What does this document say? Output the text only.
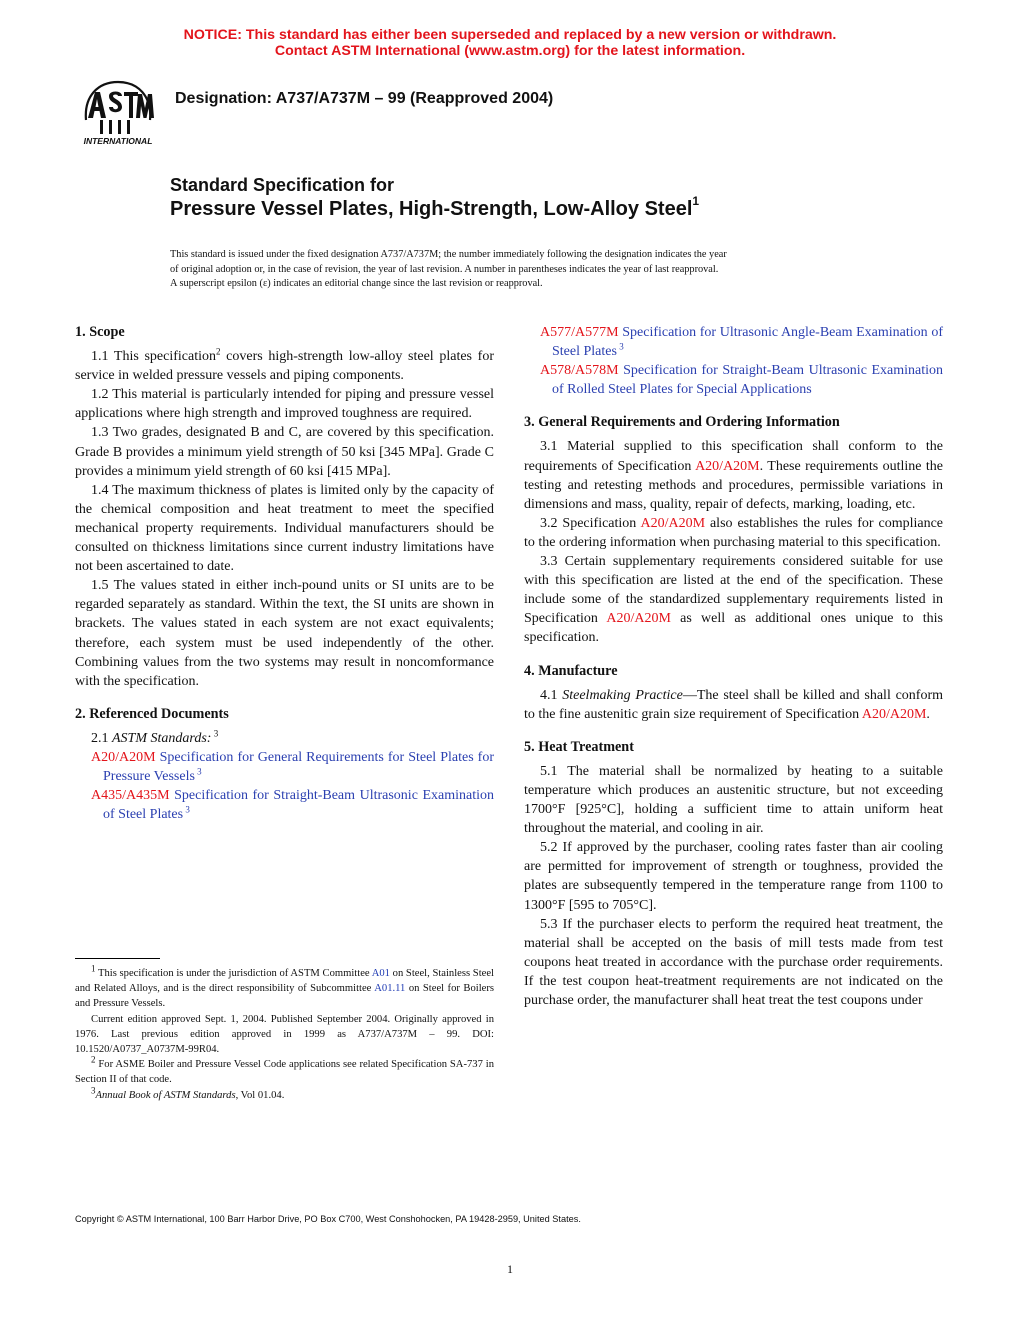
NOTICE: This standard has either been superseded and replaced by a new version or withdrawn.
Contact ASTM International (www.astm.org) for the latest information.
INTERNATIONAL
Designation: A737/A737M – 99 (Reapproved 2004)
Standard Specification for
Pressure Vessel Plates, High-Strength, Low-Alloy Steel$^1$
This standard is issued under the fixed designation A737/A737M; the number immediately following the designation indicates the year
of original adoption or, in the case of revision, the year of last revision. A number in parentheses indicates the year of last reapproval.
A superscript epsilon (ε) indicates an editorial change since the last revision or reapproval.

1. Scope

1.1 This specification$^2$ covers high-strength low-alloy steel plates for service in welded pressure vessels and piping components.

1.2 This material is particularly intended for piping and pressure vessel applications where high strength and improved toughness are required.

1.3 Two grades, designated B and C, are covered by this specification. Grade B provides a minimum yield strength of 50 ksi [345 MPa]. Grade C provides a minimum yield strength of 60 ksi [415 MPa].

1.4 The maximum thickness of plates is limited only by the capacity of the chemical composition and heat treatment to meet the specified mechanical property requirements. Individual manufacturers should be consulted on thickness limitations since current industry limitations have not been ascertained to date.

1.5 The values stated in either inch-pound units or SI units are to be regarded separately as standard. Within the text, the SI units are shown in brackets. The values stated in each system are not exact equivalents; therefore, each system must be used independently of the other. Combining values from the two systems may result in noncomformance with the specification.

2. Referenced Documents

2.1 ASTM Standards: $^3$

A20/A20M Specification for General Requirements for Steel Plates for Pressure Vessels $^3$

A435/A435M Specification for Straight-Beam Ultrasonic Examination of Steel Plates $^3$

A577/A577M Specification for Ultrasonic Angle-Beam Examination of Steel Plates $^3$

A578/A578M Specification for Straight-Beam Ultrasonic Examination of Rolled Steel Plates for Special Applications

3. General Requirements and Ordering Information

3.1 Material supplied to this specification shall conform to the requirements of Specification A20/A20M. These requirements outline the testing and retesting methods and procedures, permissible variations in dimensions and mass, quality, repair of defects, marking, loading, etc.

3.2 Specification A20/A20M also establishes the rules for compliance to the ordering information when purchasing material to this specification.

3.3 Certain supplementary requirements considered suitable for use with this specification are listed at the end of the specification. These include some of the standardized supplementary requirements listed in Specification A20/A20M as well as additional ones unique to this specification.

4. Manufacture

4.1 Steelmaking Practice—The steel shall be killed and shall conform to the fine austenitic grain size requirement of Specification A20/A20M.

5. Heat Treatment

5.1 The material shall be normalized by heating to a suitable temperature which produces an austenitic structure, but not exceeding 1700°F [925°C], holding a sufficient time to attain uniform heat throughout the material, and cooling in air.

5.2 If approved by the purchaser, cooling rates faster than air cooling are permitted for improvement of strength or toughness, provided the plates are subsequently tempered in the temperature range from 1100 to 1300°F [595 to 705°C].

5.3 If the purchaser elects to perform the required heat treatment, the material shall be accepted on the basis of mill tests made from test coupons heat treated in accordance with the purchase order requirements. If the test coupon heat-treatment requirements are not indicated on the purchase order, the manufacturer shall heat treat the test coupons under

$^1$ This specification is under the jurisdiction of ASTM Committee A01 on Steel, Stainless Steel and Related Alloys, and is the direct responsibility of Subcommittee A01.11 on Steel for Boilers and Pressure Vessels.

Current edition approved Sept. 1, 2004. Published September 2004. Originally approved in 1976. Last previous edition approved in 1999 as A737/A737M – 99. DOI: 10.1520/A0737_A0737M-99R04.

$^2$ For ASME Boiler and Pressure Vessel Code applications see related Specification SA-737 in Section II of that code.

$^3$Annual Book of ASTM Standards, Vol 01.04.

Copyright © ASTM International, 100 Barr Harbor Drive, PO Box C700, West Conshohocken, PA 19428-2959, United States.
1
